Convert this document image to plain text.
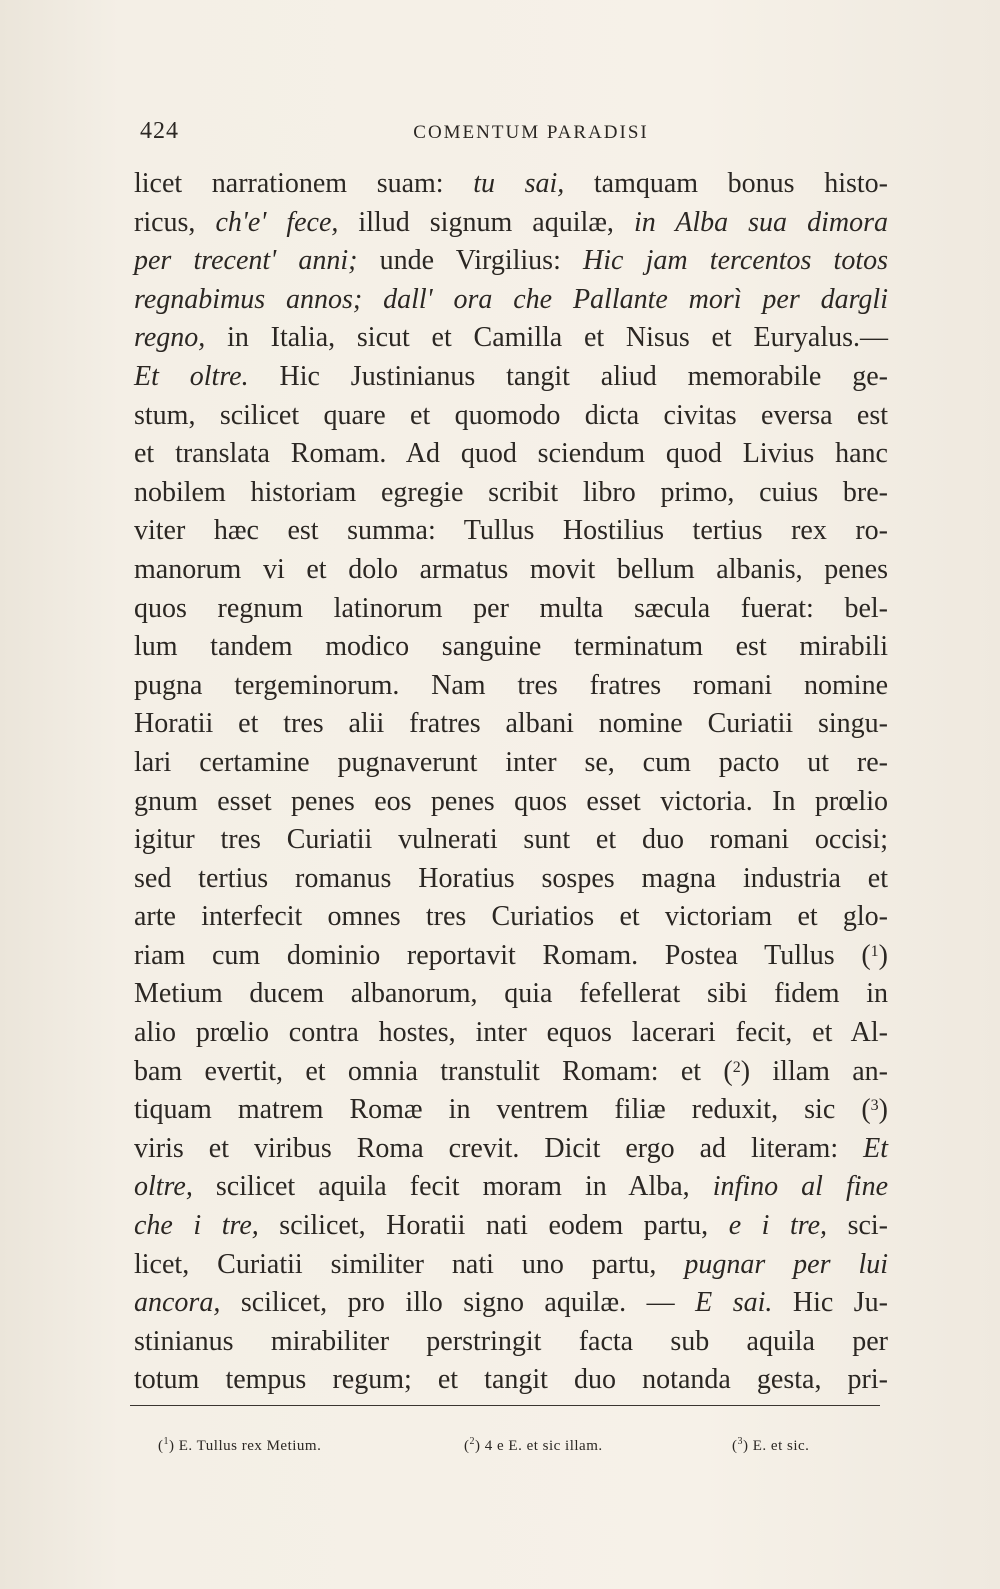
424	COMENTUM PARADISI
licet narrationem suam: tu sai, tamquam bonus histo-
ricus, ch'e' fece, illud signum aquilæ, in Alba sua dimora
per trecent' anni; unde Virgilius: Hic jam tercentos totos
regnabimus annos; dall' ora che Pallante morì per dargli
regno, in Italia, sicut et Camilla et Nisus et Euryalus.—
Et oltre. Hic Justinianus tangit aliud memorabile ge-
stum, scilicet quare et quomodo dicta civitas eversa est
et translata Romam. Ad quod sciendum quod Livius hanc
nobilem historiam egregie scribit libro primo, cuius bre-
viter hæc est summa: Tullus Hostilius tertius rex ro-
manorum vi et dolo armatus movit bellum albanis, penes
quos regnum latinorum per multa sæcula fuerat: bel-
lum tandem modico sanguine terminatum est mirabili
pugna tergeminorum. Nam tres fratres romani nomine
Horatii et tres alii fratres albani nomine Curiatii singu-
lari certamine pugnaverunt inter se, cum pacto ut re-
gnum esset penes eos penes quos esset victoria. In prœlio
igitur tres Curiatii vulnerati sunt et duo romani occisi;
sed tertius romanus Horatius sospes magna industria et
arte interfecit omnes tres Curiatios et victoriam et glo-
riam cum dominio reportavit Romam. Postea Tullus ($^1$)
Metium ducem albanorum, quia fefellerat sibi fidem in
alio prœlio contra hostes, inter equos lacerari fecit, et Al-
bam evertit, et omnia transtulit Romam: et ($^2$) illam an-
tiquam matrem Romæ in ventrem filiæ reduxit, sic ($^3$)
viris et viribus Roma crevit. Dicit ergo ad literam: Et
oltre, scilicet aquila fecit moram in Alba, infino al fine
che i tre, scilicet, Horatii nati eodem partu, e i tre, sci-
licet, Curiatii similiter nati uno partu, pugnar per lui
ancora, scilicet, pro illo signo aquilæ. — E sai. Hic Ju-
stinianus mirabiliter perstringit facta sub aquila per
totum tempus regum; et tangit duo notanda gesta, pri-
($^1$) E. Tullus rex Metium.	($^2$) 4 e E. et sic illam.	($^3$) E. et sic.
